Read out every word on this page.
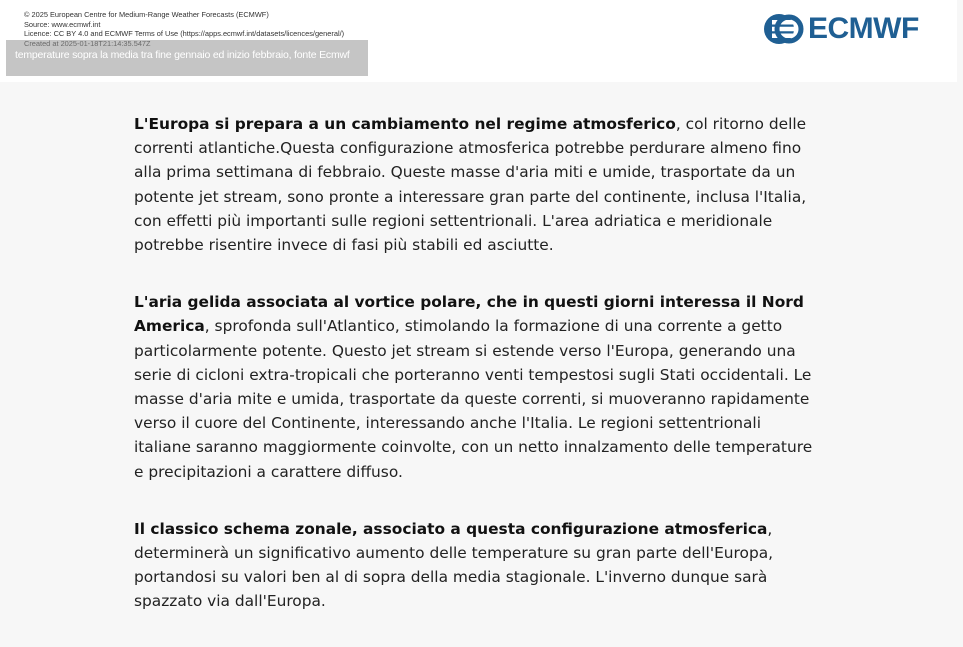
© 2025 European Centre for Medium-Range Weather Forecasts (ECMWF)
Source: www.ecmwf.int
Licence: CC BY 4.0 and ECMWF Terms of Use (https://apps.ecmwf.int/datasets/licences/general/)
temperature sopra la media tra fine gennaio ed inizio febbraio, fonte Ecmwf
ECMWF

L'Europa si prepara a un cambiamento nel regime atmosferico, col ritorno delle correnti atlantiche.Questa configurazione atmosferica potrebbe perdurare almeno fino alla prima settimana di febbraio. Queste masse d'aria miti e umide, trasportate da un potente jet stream, sono pronte a interessare gran parte del continente, inclusa l'Italia, con effetti più importanti sulle regioni settentrionali. L'area adriatica e meridionale potrebbe risentire invece di fasi più stabili ed asciutte.

L'aria gelida associata al vortice polare, che in questi giorni interessa il Nord America, sprofonda sull'Atlantico, stimolando la formazione di una corrente a getto particolarmente potente. Questo jet stream si estende verso l'Europa, generando una serie di cicloni extra-tropicali che porteranno venti tempestosi sugli Stati occidentali. Le masse d'aria mite e umida, trasportate da queste correnti, si muoveranno rapidamente verso il cuore del Continente, interessando anche l'Italia. Le regioni settentrionali italiane saranno maggiormente coinvolte, con un netto innalzamento delle temperature e precipitazioni a carattere diffuso.

Il classico schema zonale, associato a questa configurazione atmosferica, determinerà un significativo aumento delle temperature su gran parte dell'Europa, portandosi su valori ben al di sopra della media stagionale. L'inverno dunque sarà spazzato via dall'Europa.
